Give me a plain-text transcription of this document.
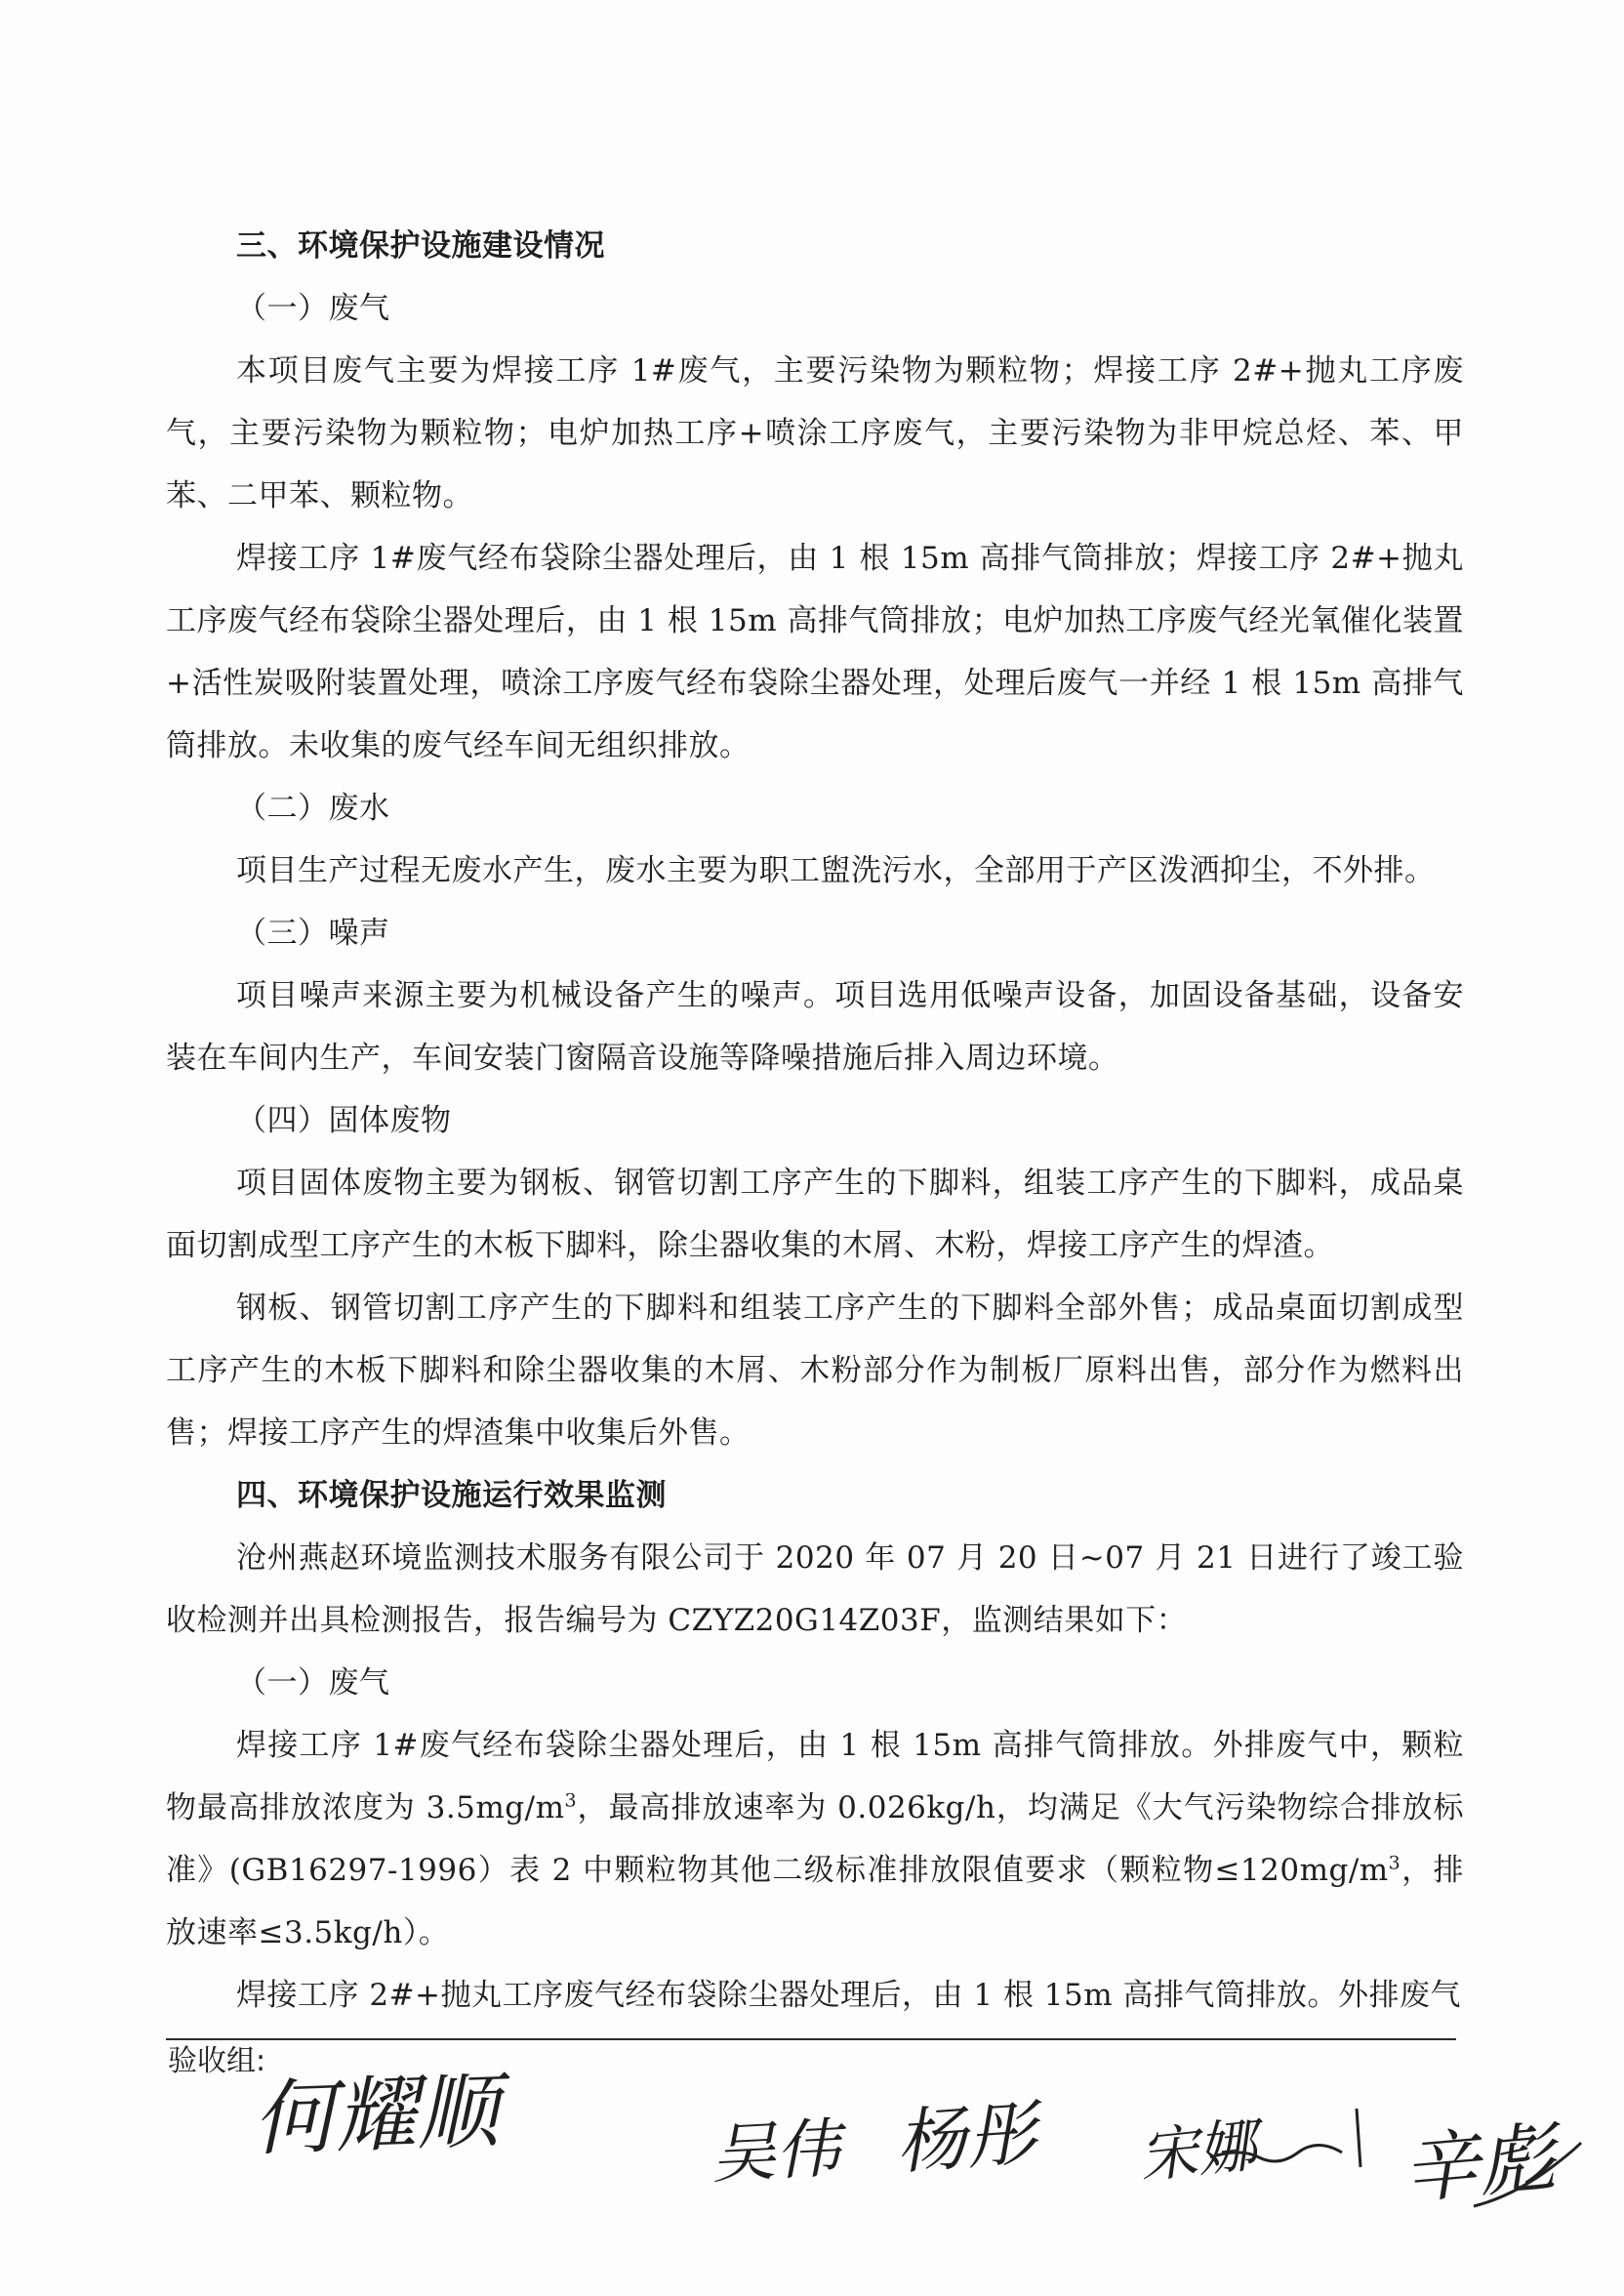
三、环境保护设施建设情况

（一）废气

本项目废气主要为焊接工序 1#废气，主要污染物为颗粒物；焊接工序 2#+抛丸工序废气，主要污染物为颗粒物；电炉加热工序+喷涂工序废气，主要污染物为非甲烷总烃、苯、甲苯、二甲苯、颗粒物。

焊接工序 1#废气经布袋除尘器处理后，由 1 根 15m 高排气筒排放；焊接工序 2#+抛丸工序废气经布袋除尘器处理后，由 1 根 15m 高排气筒排放；电炉加热工序废气经光氧催化装置+活性炭吸附装置处理，喷涂工序废气经布袋除尘器处理，处理后废气一并经 1 根 15m 高排气筒排放。未收集的废气经车间无组织排放。

（二）废水

项目生产过程无废水产生，废水主要为职工盥洗污水，全部用于产区泼洒抑尘，不外排。

（三）噪声

项目噪声来源主要为机械设备产生的噪声。项目选用低噪声设备，加固设备基础，设备安装在车间内生产，车间安装门窗隔音设施等降噪措施后排入周边环境。

（四）固体废物

项目固体废物主要为钢板、钢管切割工序产生的下脚料，组装工序产生的下脚料，成品桌面切割成型工序产生的木板下脚料，除尘器收集的木屑、木粉，焊接工序产生的焊渣。

钢板、钢管切割工序产生的下脚料和组装工序产生的下脚料全部外售；成品桌面切割成型工序产生的木板下脚料和除尘器收集的木屑、木粉部分作为制板厂原料出售，部分作为燃料出售；焊接工序产生的焊渣集中收集后外售。

四、环境保护设施运行效果监测

沧州燕赵环境监测技术服务有限公司于 2020 年 07 月 20 日~07 月 21 日进行了竣工验收检测并出具检测报告，报告编号为 CZYZ20G14Z03F，监测结果如下：

（一）废气

焊接工序 1#废气经布袋除尘器处理后，由 1 根 15m 高排气筒排放。外排废气中，颗粒物最高排放浓度为 $3.5mg/m^3$，最高排放速率为 0.026kg/h，均满足《大气污染物综合排放标准》(GB16297-1996）表 2 中颗粒物其他二级标准排放限值要求（颗粒物$\le 120mg/m^3$，排放速率≤3.5kg/h）。

焊接工序 2#+抛丸工序废气经布袋除尘器处理后，由 1 根 15m 高排气筒排放。外排废气

验收组:
何耀顺	吴伟 杨彤 宋娜 辛彪
